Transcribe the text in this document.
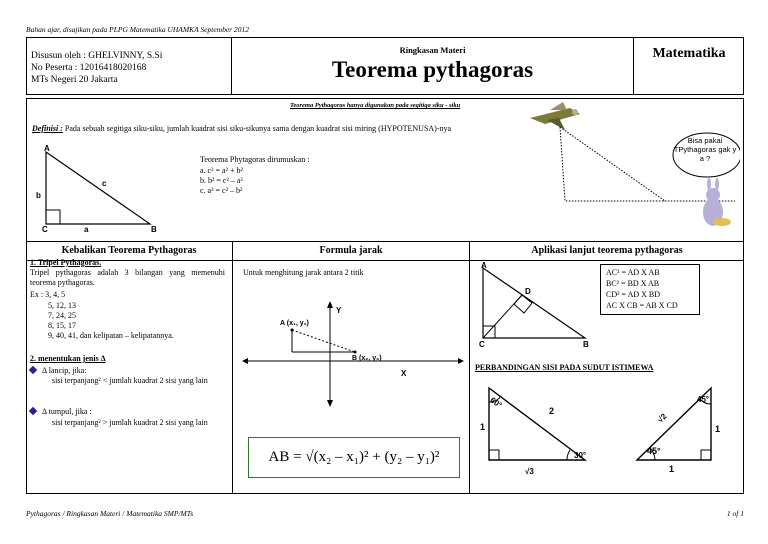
Bahan ajar, disajikan pada PLPG Matematika UHAMKA September 2012
Disusun oleh : GHELVINNY, S.Si
No Peserta : 12016418020168
MTs Negeri 20 Jakarta
Ringkasan Materi
Teorema pythagoras
Matematika
Teorema Pythagoras hanya digunakan pada segitiga siku - siku
Definisi : Pada sebuah segitiga siku-siku, jumlah kuadrat sisi siku-sikunya sama dengan kuadrat sisi miring (HYPOTENUSA)-nya
A
B
C	a
b
c
Teorema Phytagoras dirumuskan :
a. c² = a² + b²
b. b² = c² – a²
c. a² = c² – b²
Bisa pakai TPythagoras gak y a ?
Kebalikan Teorema Pythagoras	Formula jarak	Aplikasi lanjut teorema pythagoras
1. Tripel Pythagoras.
Tripel pythagoras adalah 3 bilangan yang memenuhi teorema pythagoras.
Ex : 3, 4, 5
5, 12, 13
7, 24, 25
8, 15, 17
9, 40, 41, dan kelipatan – kelipatannya.
2. menentukan jenis Δ
Δ lancip, jika:
sisi terpanjang² < jumlah kuadrat 2 sisi yang lain
Δ tumpul, jika :
sisi terpanjang² > jumlah kuadrat 2 sisi yang lain
Untuk menghitung jarak antara 2 titik
A (x₁, y₁)
B (x₂, y₂)
X
Y
AB = √(x₂ – x₁)² + (y₂ – y₁)²
A
B
C
D
AC² = AD X AB
BC² = BD X AB
CD² = AD X BD
AC X CB = AB X CD
PERBANDINGAN SISI PADA SUDUT ISTIMEWA
60°
30°
2
1
√3
45°
45°
√2
1
1
Pythagoras / Ringkasan Materi / Matematika SMP/MTs	1 of 1
